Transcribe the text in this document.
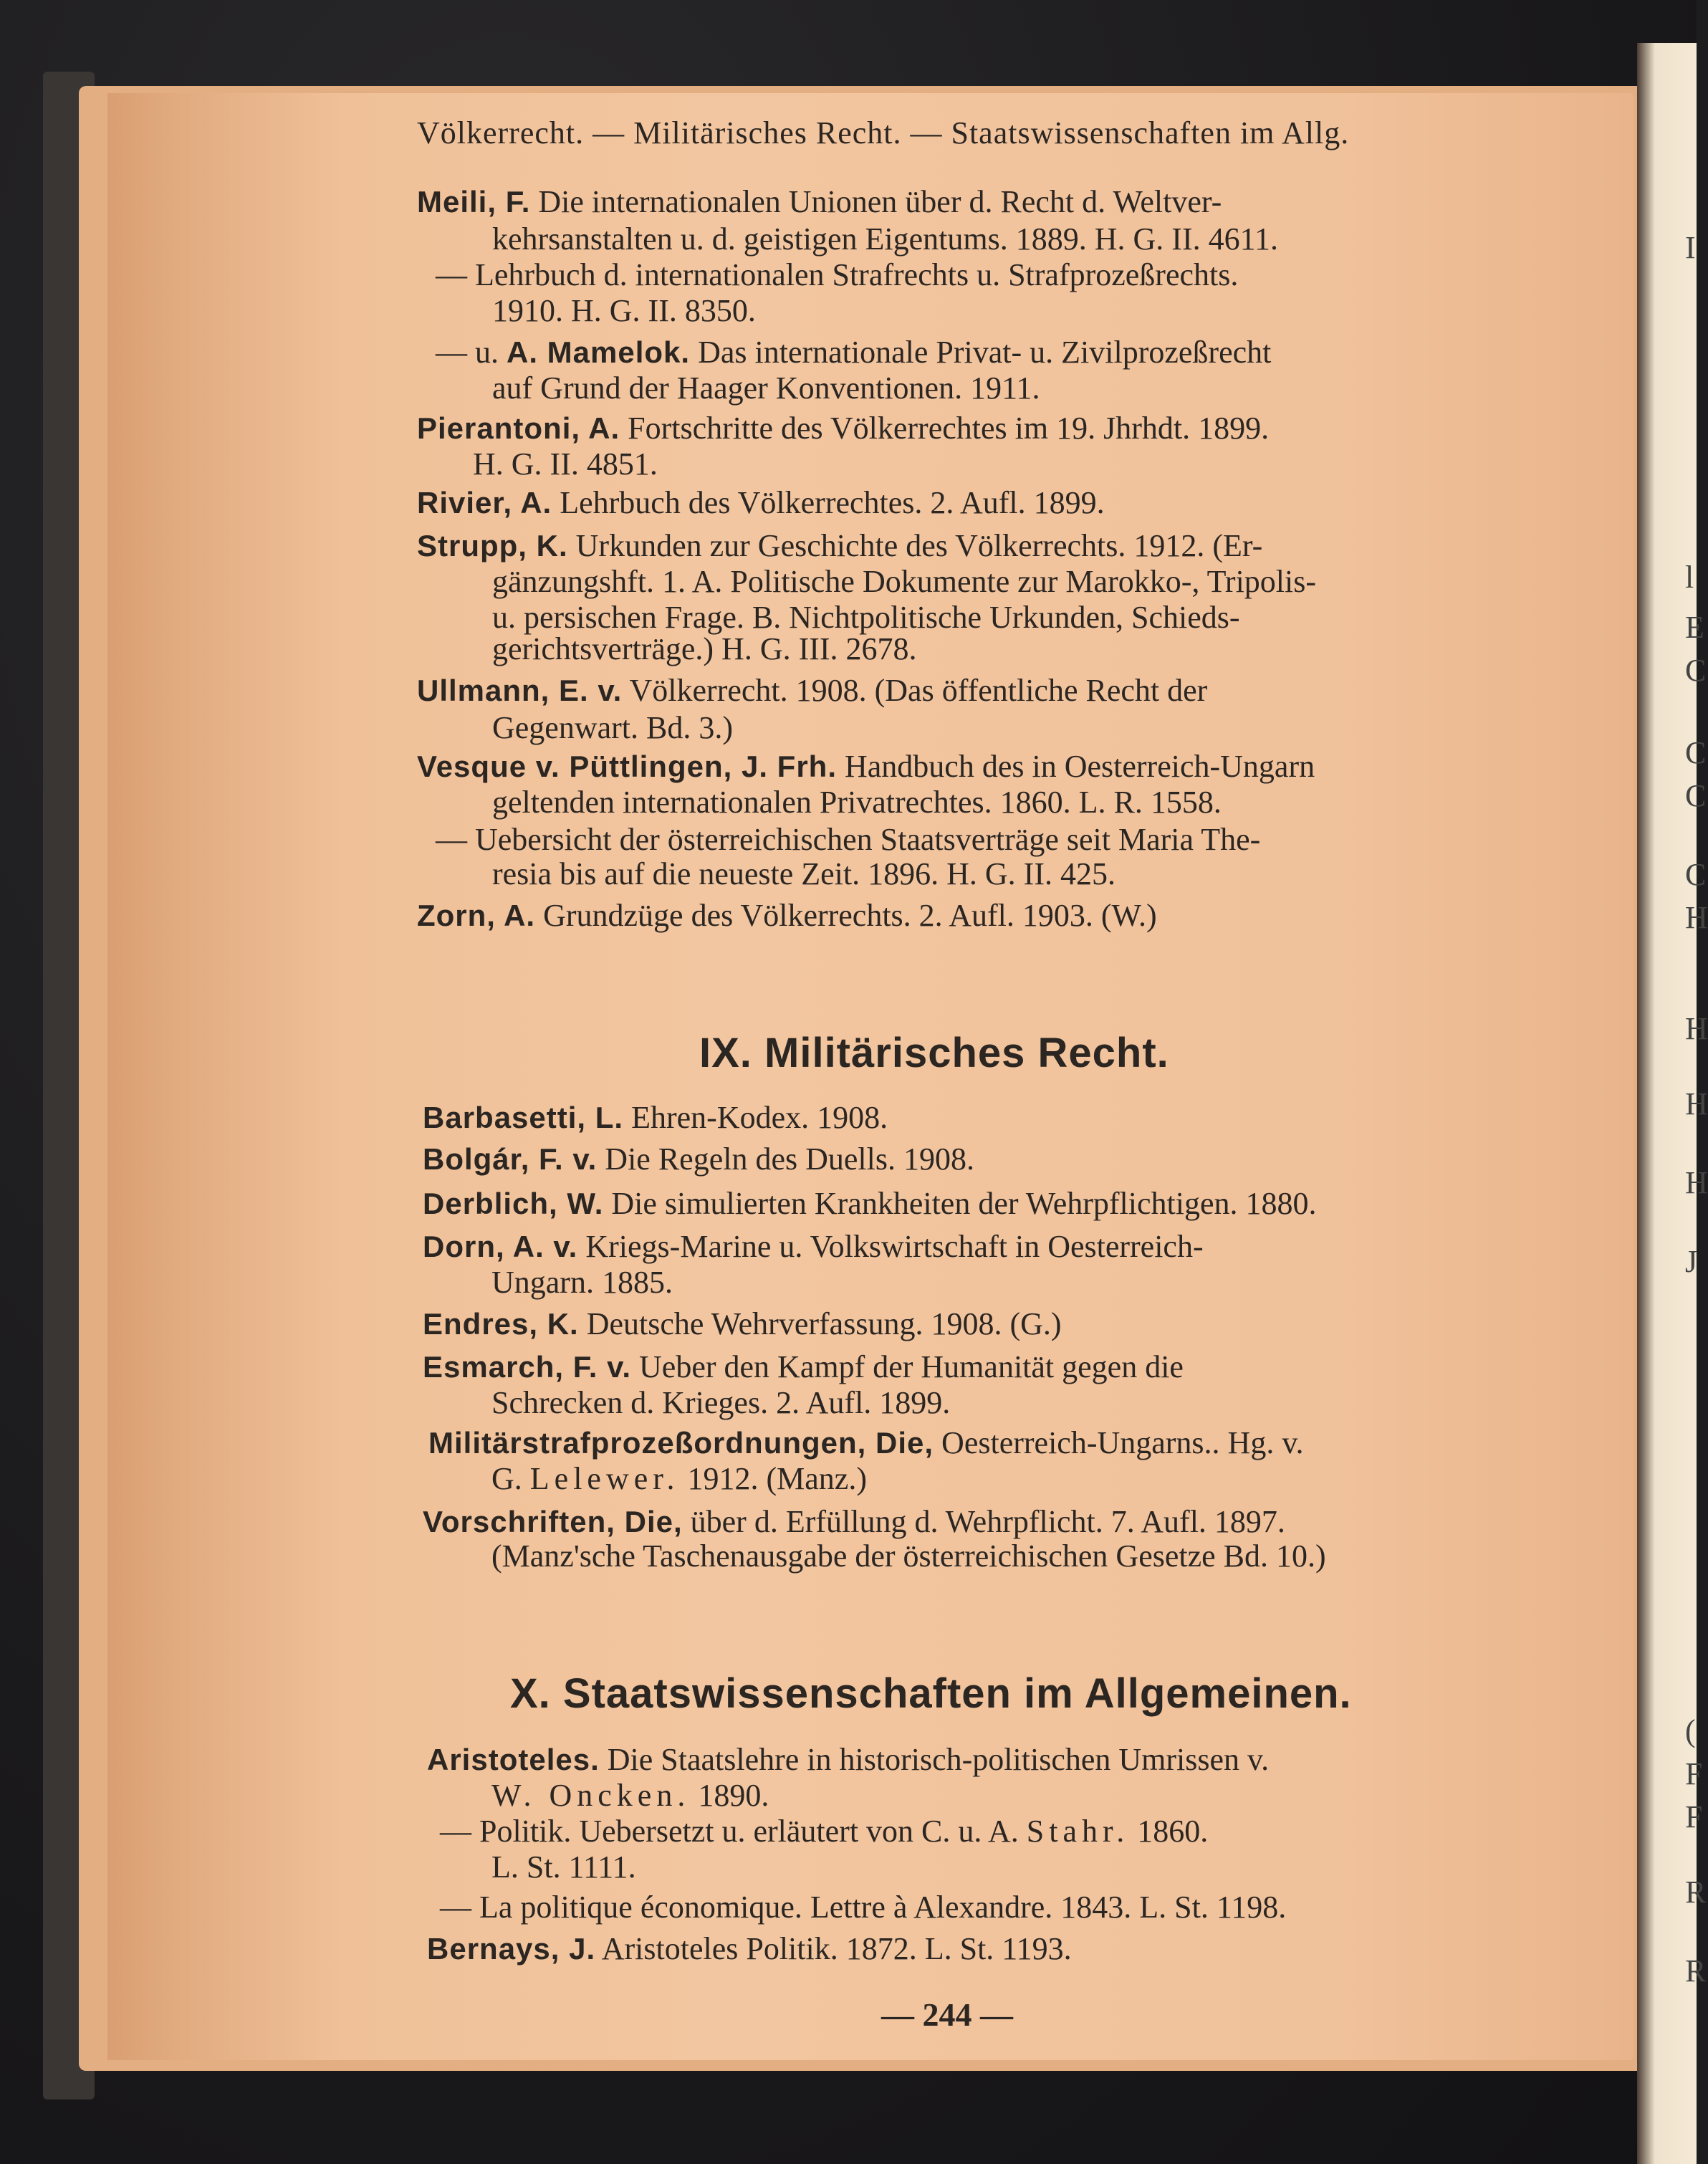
I
l
E
C
C
C
C
H
H
H
H
J
(
F
F
R
R
Völkerrecht. — Militärisches Recht. — Staatswissenschaften im Allg.
Meili, F. Die internationalen Unionen über d. Recht d. Weltver-
kehrsanstalten u. d. geistigen Eigentums. 1889. H. G. II. 4611.
— Lehrbuch d. internationalen Strafrechts u. Strafprozeßrechts.
1910. H. G. II. 8350.
— u. A. Mamelok. Das internationale Privat- u. Zivilprozeßrecht
auf Grund der Haager Konventionen. 1911.
Pierantoni, A. Fortschritte des Völkerrechtes im 19. Jhrhdt. 1899.
H. G. II. 4851.
Rivier, A. Lehrbuch des Völkerrechtes. 2. Aufl. 1899.
Strupp, K. Urkunden zur Geschichte des Völkerrechts. 1912. (Er-
gänzungshft. 1. A. Politische Dokumente zur Marokko-, Tripolis-
u. persischen Frage. B. Nichtpolitische Urkunden, Schieds-
gerichtsverträge.) H. G. III. 2678.
Ullmann, E. v. Völkerrecht. 1908. (Das öffentliche Recht der
Gegenwart. Bd. 3.)
Vesque v. Püttlingen, J. Frh. Handbuch des in Oesterreich-Ungarn
geltenden internationalen Privatrechtes. 1860. L. R. 1558.
— Uebersicht der österreichischen Staatsverträge seit Maria The-
resia bis auf die neueste Zeit. 1896. H. G. II. 425.
Zorn, A. Grundzüge des Völkerrechts. 2. Aufl. 1903. (W.)
IX. Militärisches Recht.
Barbasetti, L. Ehren-Kodex. 1908.
Bolgár, F. v. Die Regeln des Duells. 1908.
Derblich, W. Die simulierten Krankheiten der Wehrpflichtigen. 1880.
Dorn, A. v. Kriegs-Marine u. Volkswirtschaft in Oesterreich-
Ungarn. 1885.
Endres, K. Deutsche Wehrverfassung. 1908. (G.)
Esmarch, F. v. Ueber den Kampf der Humanität gegen die
Schrecken d. Krieges. 2. Aufl. 1899.
Militärstrafprozeßordnungen, Die, Oesterreich-Ungarns.. Hg. v.
G. Lelewer. 1912. (Manz.)
Vorschriften, Die, über d. Erfüllung d. Wehrpflicht. 7. Aufl. 1897.
(Manz'sche Taschenausgabe der österreichischen Gesetze Bd. 10.)
X. Staatswissenschaften im Allgemeinen.
Aristoteles. Die Staatslehre in historisch-politischen Umrissen v.
W. Oncken. 1890.
— Politik. Uebersetzt u. erläutert von C. u. A. Stahr. 1860.
L. St. 1111.
— La politique économique. Lettre à Alexandre. 1843. L. St. 1198.
Bernays, J. Aristoteles Politik. 1872. L. St. 1193.
— 244 —
